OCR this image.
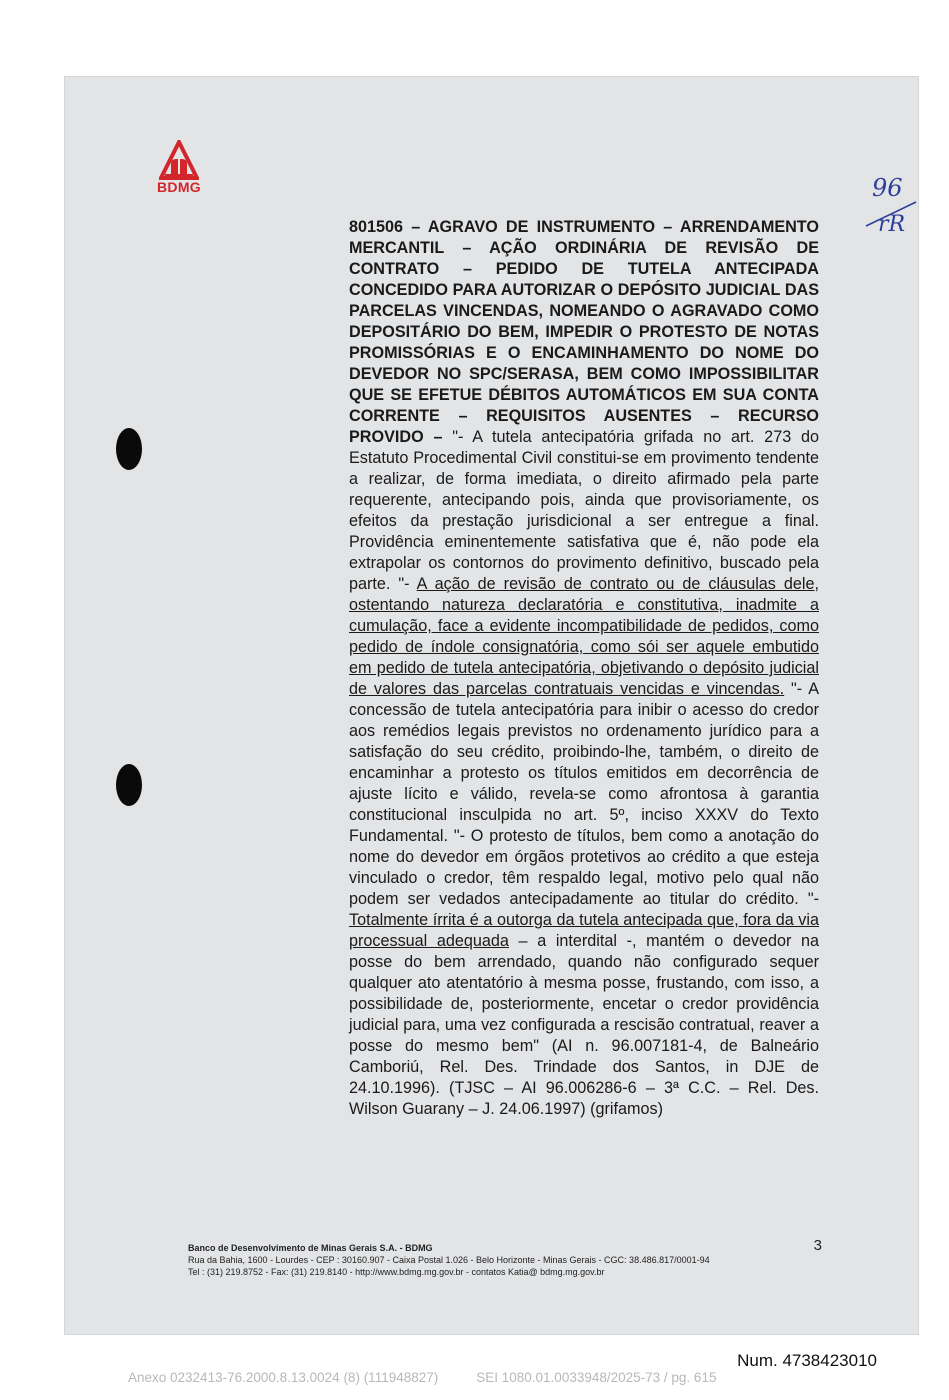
BDMG	96
rR
801506 – AGRAVO DE INSTRUMENTO – ARRENDAMENTO MERCANTIL – AÇÃO ORDINÁRIA DE REVISÃO DE CONTRATO – PEDIDO DE TUTELA ANTECIPADA CONCEDIDO PARA AUTORIZAR O DEPÓSITO JUDICIAL DAS PARCELAS VINCENDAS, NOMEANDO O AGRAVADO COMO DEPOSITÁRIO DO BEM, IMPEDIR O PROTESTO DE NOTAS PROMISSÓRIAS E O ENCAMINHAMENTO DO NOME DO DEVEDOR NO SPC/SERASA, BEM COMO IMPOSSIBILITAR QUE SE EFETUE DÉBITOS AUTOMÁTICOS EM SUA CONTA CORRENTE – REQUISITOS AUSENTES – RECURSO PROVIDO – "- A tutela antecipatória grifada no art. 273 do Estatuto Procedimental Civil constitui-se em provimento tendente a realizar, de forma imediata, o direito afirmado pela parte requerente, antecipando pois, ainda que provisoriamente, os efeitos da prestação jurisdicional a ser entregue a final. Providência eminentemente satisfativa que é, não pode ela extrapolar os contornos do provimento definitivo, buscado pela parte. "- A ação de revisão de contrato ou de cláusulas dele, ostentando natureza declaratória e constitutiva, inadmite a cumulação, face a evidente incompatibilidade de pedidos, como pedido de índole consignatória, como sói ser aquele embutido em pedido de tutela antecipatória, objetivando o depósito judicial de valores das parcelas contratuais vencidas e vincendas. "- A concessão de tutela antecipatória para inibir o acesso do credor aos remédios legais previstos no ordenamento jurídico para a satisfação do seu crédito, proibindo-lhe, também, o direito de encaminhar a protesto os títulos emitidos em decorrência de ajuste lícito e válido, revela-se como afrontosa à garantia constitucional insculpida no art. 5º, inciso XXXV do Texto Fundamental. "- O protesto de títulos, bem como a anotação do nome do devedor em órgãos protetivos ao crédito a que esteja vinculado o credor, têm respaldo legal, motivo pelo qual não podem ser vedados antecipadamente ao titular do crédito. "- Totalmente írrita é a outorga da tutela antecipada que, fora da via processual adequada – a interdital -, mantém o devedor na posse do bem arrendado, quando não configurado sequer qualquer ato atentatório à mesma posse, frustando, com isso, a possibilidade de, posteriormente, encetar o credor providência judicial para, uma vez configurada a rescisão contratual, reaver a posse do mesmo bem" (AI n. 96.007181-4, de Balneário Camboriú, Rel. Des. Trindade dos Santos, in DJE de 24.10.1996). (TJSC – AI 96.006286-6 – 3ª C.C. – Rel. Des. Wilson Guarany – J. 24.06.1997) (grifamos)
Banco de Desenvolvimento de Minas Gerais S.A. - BDMG
Rua da Bahia, 1600 - Lourdes - CEP : 30160.907 - Caixa Postal 1.026 - Belo Horizonte - Minas Gerais - CGC: 38.486.817/0001-94
Tel : (31) 219.8752 - Fax: (31) 219.8140 - http://www.bdmg.mg.gov.br - contatos Katia@ bdmg.mg.gov.br
3
Num. 4738423010
Anexo 0232413-76.2000.8.13.0024 (8) (111948827)	SEI 1080.01.0033948/2025-73 / pg. 615
